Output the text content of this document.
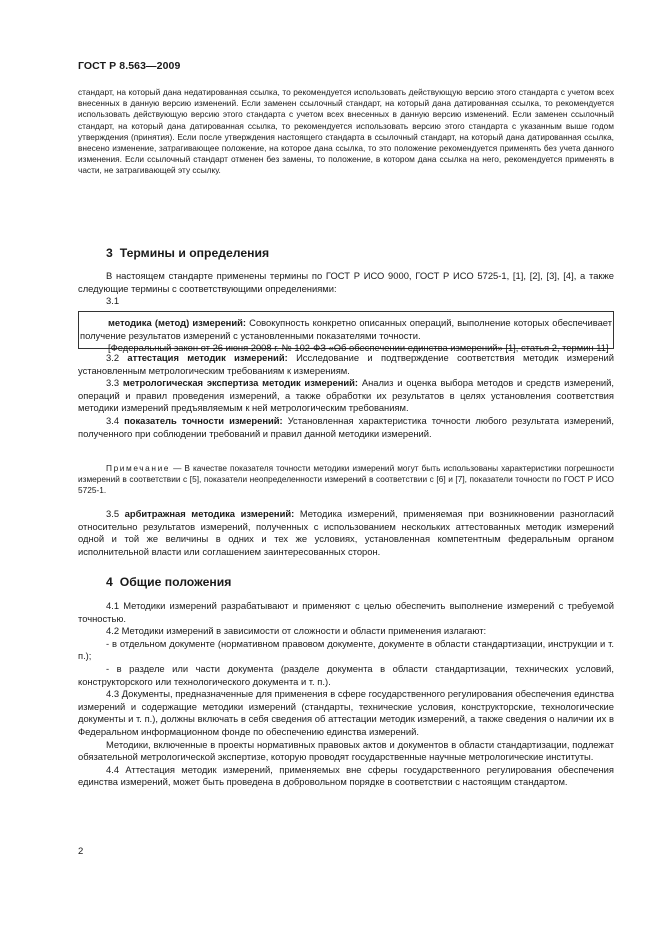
ГОСТ Р 8.563—2009

стандарт, на который дана недатированная ссылка, то рекомендуется использовать действующую версию этого стандарта с учетом всех внесенных в данную версию изменений. Если заменен ссылочный стандарт, на который дана датированная ссылка, то рекомендуется использовать действующую версию этого стандарта с учетом всех внесенных в данную версию изменений. Если заменен ссылочный стандарт, на который дана датированная ссылка, то рекомендуется использовать версию этого стандарта с указанным выше годом утверждения (принятия). Если после утверждения настоящего стандарта в ссылочный стандарт, на который дана датированная ссылка, внесено изменение, затрагивающее положение, на которое дана ссылка, то это положение рекомендуется применять без учета данного изменения. Если ссылочный стандарт отменен без замены, то положение, в котором дана ссылка на него, рекомендуется применять в части, не затрагивающей эту ссылку.

3 Термины и определения

В настоящем стандарте применены термины по ГОСТ Р ИСО 9000, ГОСТ Р ИСО 5725-1, [1], [2], [3], [4], а также следующие термины с соответствующими определениями:

3.1

методика (метод) измерений: Совокупность конкретно описанных операций, выполнение которых обеспечивает получение результатов измерений с установленными показателями точности.

[Федеральный закон от 26 июня 2008 г. № 102-ФЗ «Об обеспечении единства измерений» [1], статья 2, термин 11]

3.2 аттестация методик измерений: Исследование и подтверждение соответствия методик измерений установленным метрологическим требованиям к измерениям.

3.3 метрологическая экспертиза методик измерений: Анализ и оценка выбора методов и средств измерений, операций и правил проведения измерений, а также обработки их результатов в целях установления соответствия методики измерений предъявляемым к ней метрологическим требованиям.

3.4 показатель точности измерений: Установленная характеристика точности любого результата измерений, полученного при соблюдении требований и правил данной методики измерений.

Примечание — В качестве показателя точности методики измерений могут быть использованы характеристики погрешности измерений в соответствии с [5], показатели неопределенности измерений в соответствии с [6] и [7], показатели точности по ГОСТ Р ИСО 5725-1.

3.5 арбитражная методика измерений: Методика измерений, применяемая при возникновении разногласий относительно результатов измерений, полученных с использованием нескольких аттестованных методик измерений одной и той же величины в одних и тех же условиях, установленная компетентным федеральным органом исполнительной власти или соглашением заинтересованных сторон.

4 Общие положения

4.1 Методики измерений разрабатывают и применяют с целью обеспечить выполнение измерений с требуемой точностью.

4.2 Методики измерений в зависимости от сложности и области применения излагают:

- в отдельном документе (нормативном правовом документе, документе в области стандартизации, инструкции и т. п.);

- в разделе или части документа (разделе документа в области стандартизации, технических условий, конструкторского или технологического документа и т. п.).

4.3 Документы, предназначенные для применения в сфере государственного регулирования обеспечения единства измерений и содержащие методики измерений (стандарты, технические условия, конструкторские, технологические документы и т. п.), должны включать в себя сведения об аттестации методик измерений, а также сведения о наличии их в Федеральном информационном фонде по обеспечению единства измерений.

Методики, включенные в проекты нормативных правовых актов и документов в области стандартизации, подлежат обязательной метрологической экспертизе, которую проводят государственные научные метрологические институты.

4.4 Аттестация методик измерений, применяемых вне сферы государственного регулирования обеспечения единства измерений, может быть проведена в добровольном порядке в соответствии с настоящим стандартом.

2
